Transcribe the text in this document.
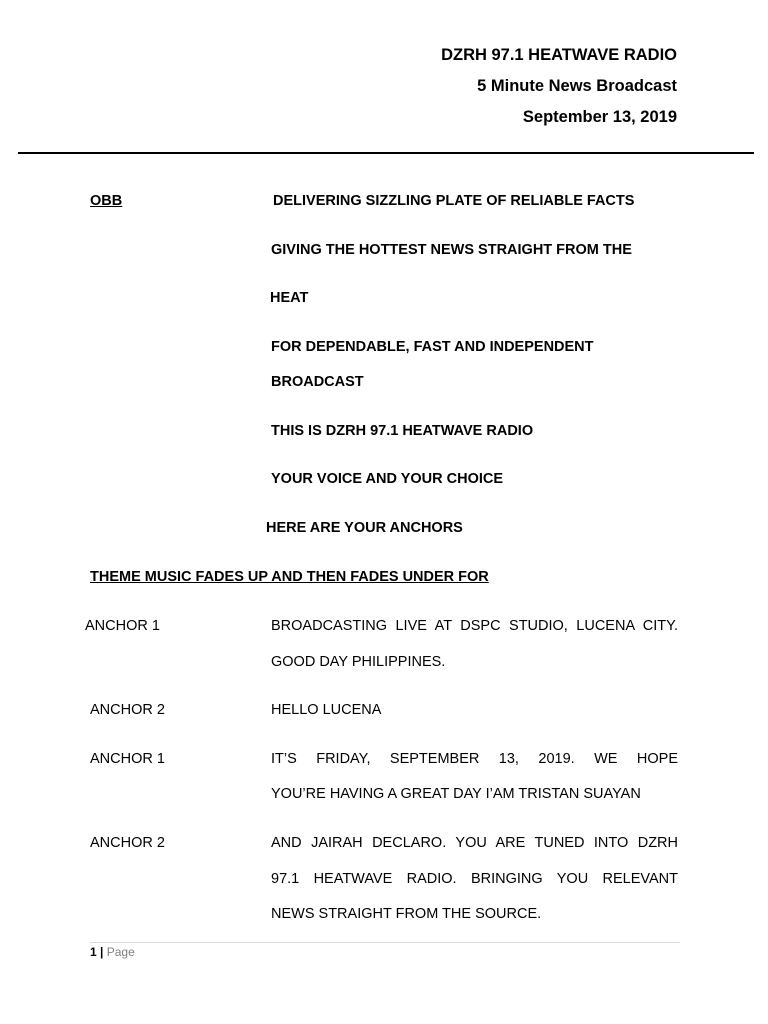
DZRH 97.1 HEATWAVE RADIO
5 Minute News Broadcast
September 13, 2019
OBB	DELIVERING SIZZLING PLATE OF RELIABLE FACTS
GIVING THE HOTTEST NEWS STRAIGHT FROM THE
HEAT
FOR DEPENDABLE, FAST AND INDEPENDENT
BROADCAST
THIS IS DZRH 97.1 HEATWAVE RADIO
YOUR VOICE AND YOUR CHOICE
HERE ARE YOUR ANCHORS
THEME MUSIC FADES UP AND THEN FADES UNDER FOR
ANCHOR 1	BROADCASTING LIVE AT DSPC STUDIO, LUCENA CITY.
GOOD DAY PHILIPPINES.
ANCHOR 2	HELLO LUCENA
ANCHOR 1	IT’S FRIDAY, SEPTEMBER 13, 2019. WE HOPE
YOU’RE HAVING A GREAT DAY I’AM TRISTAN SUAYAN
ANCHOR 2	AND JAIRAH DECLARO. YOU ARE TUNED INTO DZRH
97.1 HEATWAVE RADIO. BRINGING YOU RELEVANT
NEWS STRAIGHT FROM THE SOURCE.
1 | Page
